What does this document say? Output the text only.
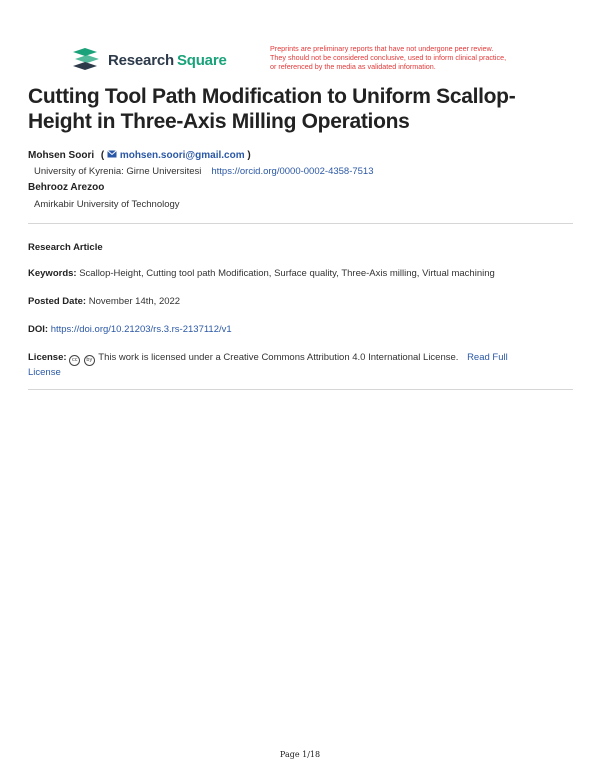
Research Square
Preprints are preliminary reports that have not undergone peer review.
They should not be considered conclusive, used to inform clinical practice,
or referenced by the media as validated information.
Cutting Tool Path Modification to Uniform Scallop-Height in Three-Axis Milling Operations
Mohsen Soori ( mohsen.soori@gmail.com )
University of Kyrenia: Girne Universitesi https://orcid.org/0000-0002-4358-7513
Behrooz Arezoo
Amirkabir University of Technology
Research Article
Keywords: Scallop-Height, Cutting tool path Modification, Surface quality, Three-Axis milling, Virtual machining
Posted Date: November 14th, 2022
DOI: https://doi.org/10.21203/rs.3.rs-2137112/v1
License: cc by This work is licensed under a Creative Commons Attribution 4.0 International License. Read Full
License
Page 1/18
